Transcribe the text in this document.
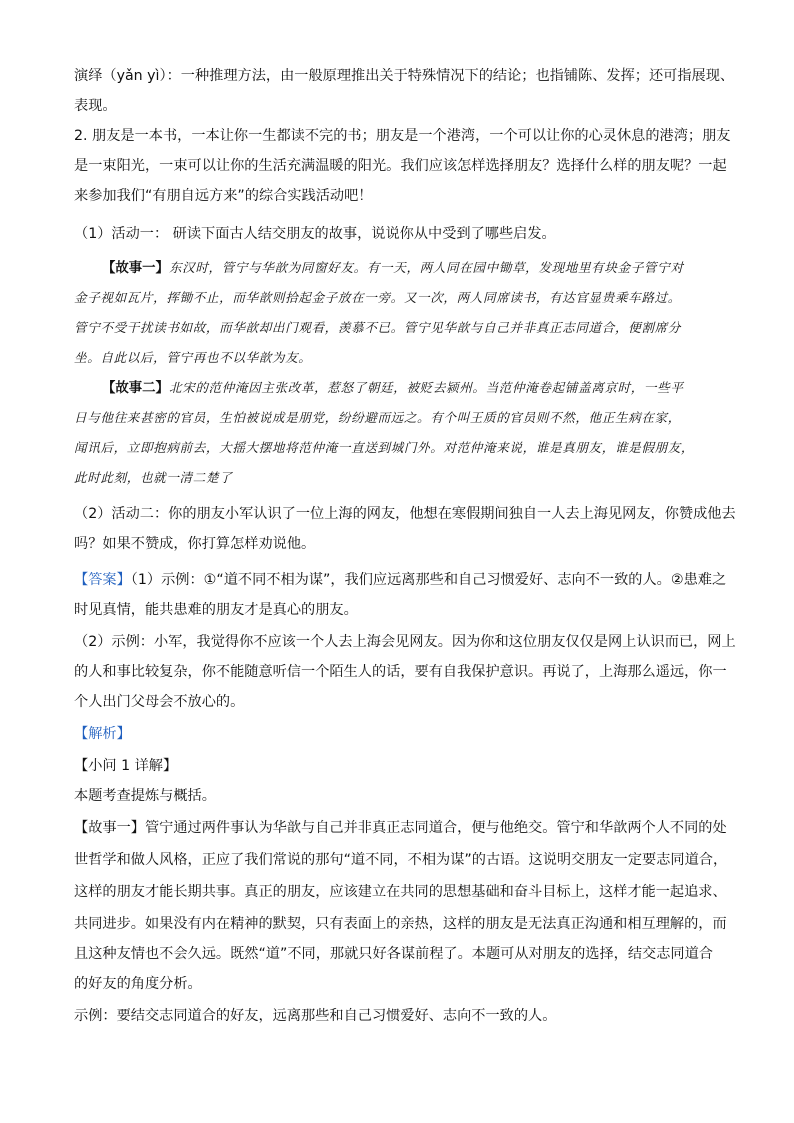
演绎（yǎn yì）：一种推理方法，由一般原理推出关于特殊情况下的结论；也指铺陈、发挥；还可指展现、
表现。
2. 朋友是一本书，一本让你一生都读不完的书；朋友是一个港湾，一个可以让你的心灵休息的港湾；朋友
是一束阳光，一束可以让你的生活充满温暖的阳光。我们应该怎样选择朋友？选择什么样的朋友呢？一起
来参加我们“有朋自远方来”的综合实践活动吧！
（1）活动一： 研读下面古人结交朋友的故事，说说你从中受到了哪些启发。
【故事一】东汉时，管宁与华歆为同窗好友。有一天，两人同在园中锄草，发现地里有块金子管宁对
金子视如瓦片，挥锄不止，而华歆则拾起金子放在一旁。又一次，两人同席读书，有达官显贵乘车路过。
管宁不受干扰读书如故，而华歆却出门观看，羡慕不已。管宁见华歆与自己并非真正志同道合，便割席分
坐。自此以后，管宁再也不以华歆为友。
【故事二】北宋的范仲淹因主张改革，惹怒了朝廷，被贬去颍州。当范仲淹卷起铺盖离京时，一些平
日与他往来甚密的官员，生怕被说成是朋党，纷纷避而远之。有个叫王质的官员则不然，他正生病在家，
闻讯后，立即抱病前去，大摇大摆地将范仲淹一直送到城门外。对范仲淹来说，谁是真朋友，谁是假朋友，
此时此刻，也就一清二楚了
（2）活动二：你的朋友小军认识了一位上海的网友，他想在寒假期间独自一人去上海见网友，你赞成他去
吗？如果不赞成，你打算怎样劝说他。
【答案】（1）示例：①“道不同不相为谋”，我们应远离那些和自己习惯爱好、志向不一致的人。②患难之
时见真情，能共患难的朋友才是真心的朋友。
（2）示例：小军，我觉得你不应该一个人去上海会见网友。因为你和这位朋友仅仅是网上认识而已，网上
的人和事比较复杂，你不能随意听信一个陌生人的话，要有自我保护意识。再说了，上海那么遥远，你一
个人出门父母会不放心的。
【解析】
【小问 1 详解】
本题考查提炼与概括。
【故事一】管宁通过两件事认为华歆与自己并非真正志同道合，便与他绝交。管宁和华歆两个人不同的处
世哲学和做人风格，正应了我们常说的那句“道不同，不相为谋”的古语。这说明交朋友一定要志同道合，
这样的朋友才能长期共事。真正的朋友，应该建立在共同的思想基础和奋斗目标上，这样才能一起追求、
共同进步。如果没有内在精神的默契，只有表面上的亲热，这样的朋友是无法真正沟通和相互理解的，而
且这种友情也不会久远。既然“道”不同，那就只好各谋前程了。本题可从对朋友的选择，结交志同道合
的好友的角度分析。
示例：要结交志同道合的好友，远离那些和自己习惯爱好、志向不一致的人。
